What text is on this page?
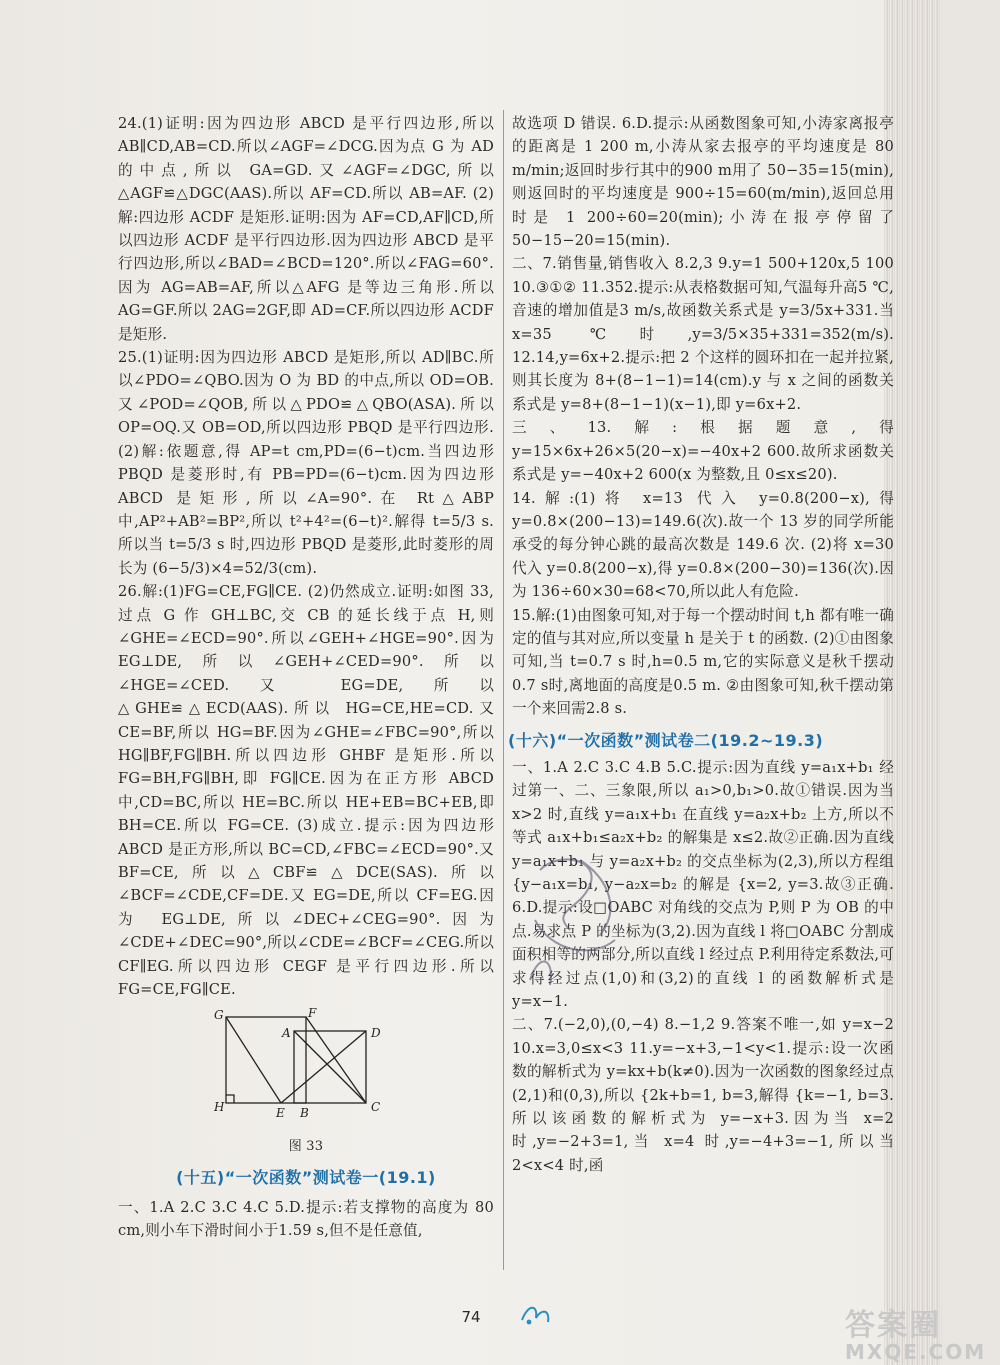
24.(1)证明:因为四边形 ABCD 是平行四边形,所以 AB∥CD,AB=CD.所以∠AGF=∠DCG.因为点 G 为 AD 的中点,所以 GA=GD.又∠AGF=∠DGC,所以△AGF≌△DGC(AAS).所以 AF=CD.所以 AB=AF. (2)解:四边形 ACDF 是矩形.证明:因为 AF=CD,AF∥CD,所以四边形 ACDF 是平行四边形.因为四边形 ABCD 是平行四边形,所以∠BAD=∠BCD=120°.所以∠FAG=60°.因为 AG=AB=AF,所以△AFG 是等边三角形.所以 AG=GF.所以 2AG=2GF,即 AD=CF.所以四边形 ACDF 是矩形.

25.(1)证明:因为四边形 ABCD 是矩形,所以 AD∥BC.所以∠PDO=∠QBO.因为 O 为 BD 的中点,所以 OD=OB.又∠POD=∠QOB,所以△PDO≌△QBO(ASA).所以 OP=OQ.又 OB=OD,所以四边形 PBQD 是平行四边形. (2)解:依题意,得 AP=t cm,PD=(6−t)cm.当四边形 PBQD 是菱形时,有 PB=PD=(6−t)cm.因为四边形 ABCD 是矩形,所以∠A=90°.在 Rt△ABP 中,AP²+AB²=BP²,所以 t²+4²=(6−t)².解得 t=5/3 s.所以当 t=5/3 s 时,四边形 PBQD 是菱形,此时菱形的周长为 (6−5/3)×4=52/3(cm).

26.解:(1)FG=CE,FG∥CE. (2)仍然成立.证明:如图 33,过点 G 作 GH⊥BC,交 CB 的延长线于点 H,则∠GHE=∠ECD=90°.所以∠GEH+∠HGE=90°.因为 EG⊥DE,所以∠GEH+∠CED=90°.所以∠HGE=∠CED.又 EG=DE,所以△GHE≌△ECD(AAS).所以 HG=CE,HE=CD.又 CE=BF,所以 HG=BF.因为∠GHE=∠FBC=90°,所以 HG∥BF,FG∥BH.所以四边形 GHBF 是矩形.所以 FG=BH,FG∥BH,即 FG∥CE.因为在正方形 ABCD 中,CD=BC,所以 HE=BC.所以 HE+EB=BC+EB,即 BH=CE.所以 FG=CE. (3)成立.提示:因为四边形 ABCD 是正方形,所以 BC=CD,∠FBC=∠ECD=90°.又 BF=CE,所以△CBF≌△DCE(SAS).所以∠BCF=∠CDE,CF=DE.又 EG=DE,所以 CF=EG.因为 EG⊥DE,所以∠DEC+∠CEG=90°.因为∠CDE+∠DEC=90°,所以∠CDE=∠BCF=∠CEG.所以 CF∥EG.所以四边形 CEGF 是平行四边形.所以 FG=CE,FG∥CE.

G	F
A	D
H	E B	C
图 33
(十五)“一次函数”测试卷一(19.1)

一、1.A 2.C 3.C 4.C 5.D.提示:若支撑物的高度为 80 cm,则小车下滑时间小于1.59 s,但不是任意值,

故选项 D 错误. 6.D.提示:从函数图象可知,小涛家离报亭的距离是 1 200 m,小涛从家去报亭的平均速度是 80 m/min;返回时步行其中的900 m用了 50−35=15(min),则返回时的平均速度是 900÷15=60(m/min),返回总用时是 1 200÷60=20(min);小涛在报亭停留了 50−15−20=15(min).

二、7.销售量,销售收入 8.2,3 9.y=1 500+120x,5 100 10.③①② 11.352.提示:从表格数据可知,气温每升高5 ℃,音速的增加值是3 m/s,故函数关系式是 y=3/5x+331.当 x=35 ℃时,y=3/5×35+331=352(m/s). 12.14,y=6x+2.提示:把 2 个这样的圆环扣在一起并拉紧,则其长度为 8+(8−1−1)=14(cm).y 与 x 之间的函数关系式是 y=8+(8−1−1)(x−1),即 y=6x+2.

三、13.解:根据题意,得 y=15×6x+26×5(20−x)=−40x+2 600.故所求函数关系式是 y=−40x+2 600(x 为整数,且 0≤x≤20).

14.解:(1)将 x=13 代入 y=0.8(200−x),得 y=0.8×(200−13)=149.6(次).故一个 13 岁的同学所能承受的每分钟心跳的最高次数是 149.6 次. (2)将 x=30 代入 y=0.8(200−x),得 y=0.8×(200−30)=136(次).因为 136÷60×30=68<70,所以此人有危险.

15.解:(1)由图象可知,对于每一个摆动时间 t,h 都有唯一确定的值与其对应,所以变量 h 是关于 t 的函数. (2)①由图象可知,当 t=0.7 s 时,h=0.5 m,它的实际意义是秋千摆动0.7 s时,离地面的高度是0.5 m. ②由图象可知,秋千摆动第一个来回需2.8 s.

(十六)“一次函数”测试卷二(19.2~19.3)

一、1.A 2.C 3.C 4.B 5.C.提示:因为直线 y=a₁x+b₁ 经过第一、二、三象限,所以 a₁>0,b₁>0.故①错误.因为当 x>2 时,直线 y=a₁x+b₁ 在直线 y=a₂x+b₂ 上方,所以不等式 a₁x+b₁≤a₂x+b₂ 的解集是 x≤2.故②正确.因为直线 y=a₁x+b₁ 与 y=a₂x+b₂ 的交点坐标为(2,3),所以方程组 {y−a₁x=b₁, y−a₂x=b₂ 的解是 {x=2, y=3.故③正确. 6.D.提示:设□OABC 对角线的交点为 P,则 P 为 OB 的中点.易求点 P 的坐标为(3,2).因为直线 l 将□OABC 分割成面积相等的两部分,所以直线 l 经过点 P.利用待定系数法,可求得经过点(1,0)和(3,2)的直线 l 的函数解析式是 y=x−1.

二、7.(−2,0),(0,−4) 8.−1,2 9.答案不唯一,如 y=x−2 10.x=3,0≤x<3 11.y=−x+3,−1<y<1.提示:设一次函数的解析式为 y=kx+b(k≠0).因为一次函数的图象经过点(2,1)和(0,3),所以 {2k+b=1, b=3,解得 {k=−1, b=3.所以该函数的解析式为 y=−x+3.因为当 x=2 时,y=−2+3=1,当 x=4 时,y=−4+3=−1,所以当 2<x<4 时,函

74	答案圈
MXQE.COM
